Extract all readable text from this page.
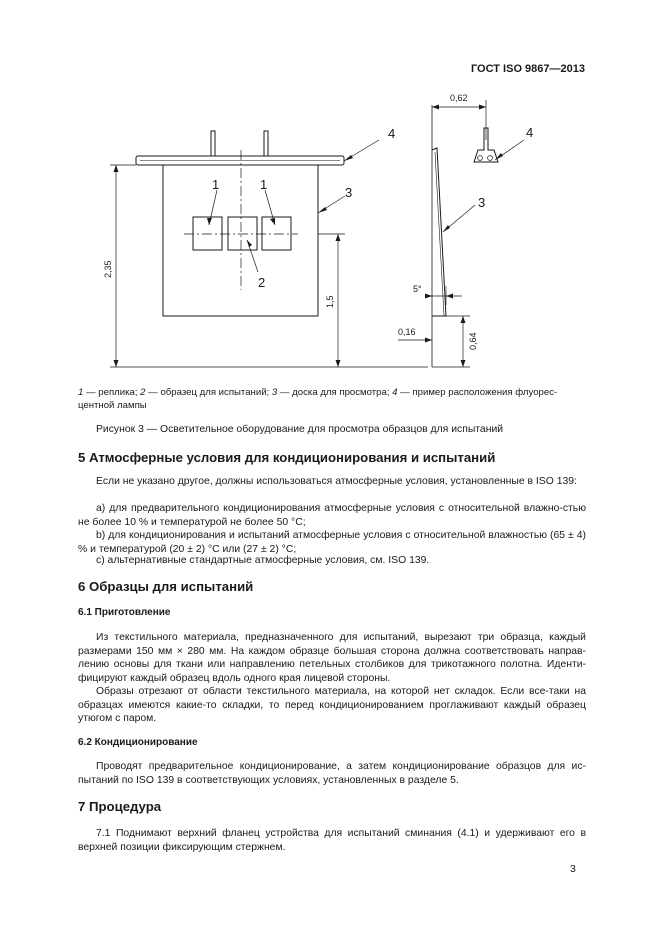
ГОСТ ISO 9867—2013
4
3
1	1
2
4
3
0,62
5°
0,16
2,35
1,5
0,64
1 — реплика; 2 — образец для испытаний; 3 — доска для просмотра; 4 — пример расположения флуорес-центной лампы
Рисунок 3 — Осветительное оборудование для просмотра образцов для испытаний
5 Атмосферные условия для кондиционирования и испытаний
Если не указано другое, должны использоваться атмосферные условия, установленные в ISO 139:
a) для предварительного кондиционирования атмосферные условия с относительной влажно-стью не более 10 % и температурой не более 50 °C;
b) для кондиционирования и испытаний атмосферные условия с относительной влажностью (65 ± 4) % и температурой (20 ± 2) °C или (27 ± 2) °C;
с) альтернативные стандартные атмосферные условия, см. ISO 139.
6 Образцы для испытаний
6.1 Приготовление
Из текстильного материала, предназначенного для испытаний, вырезают три образца, каждый размерами 150 мм × 280 мм. На каждом образце большая сторона должна соответствовать направ-лению основы для ткани или направлению петельных столбиков для трикотажного полотна. Иденти-фицируют каждый образец вдоль одного края лицевой стороны.
Образы отрезают от области текстильного материала, на которой нет складок. Если все-таки на образцах имеются какие-то складки, то перед кондиционированием проглаживают каждый образец утюгом с паром.
6.2 Кондиционирование
Проводят предварительное кондиционирование, а затем кондиционирование образцов для ис-пытаний по ISO 139 в соответствующих условиях, установленных в разделе 5.
7 Процедура
7.1 Поднимают верхний фланец устройства для испытаний сминания (4.1) и удерживают его в верхней позиции фиксирующим стержнем.
3
